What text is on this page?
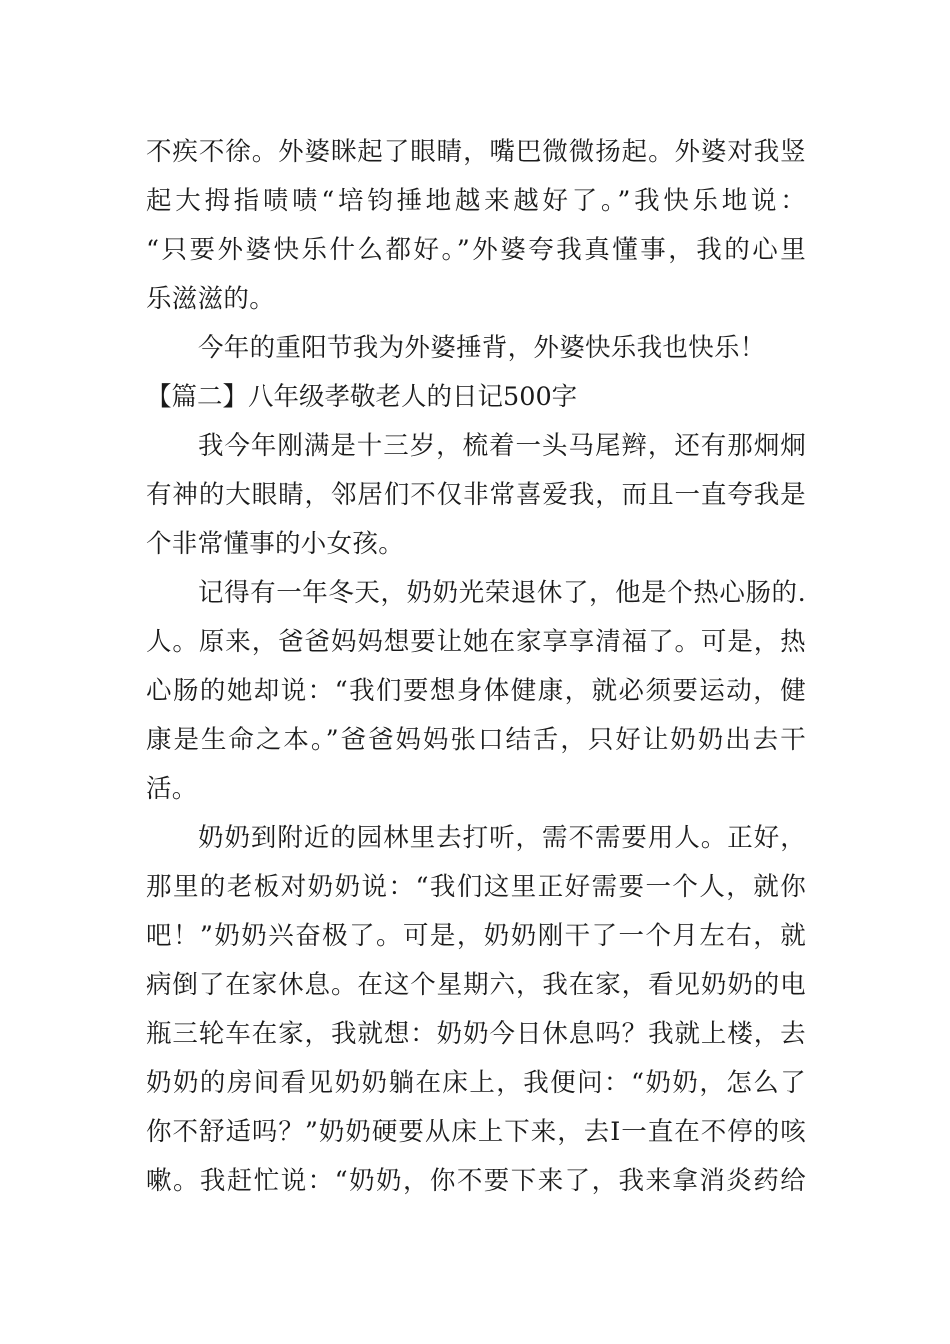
不疾不徐。外婆眯起了眼睛，嘴巴微微扬起。外婆对我竖

起大拇指啧啧“培钧捶地越来越好了。”我快乐地说：

“只要外婆快乐什么都好。”外婆夸我真懂事，我的心里

乐滋滋的。

今年的重阳节我为外婆捶背，外婆快乐我也快乐！

【篇二】八年级孝敬老人的日记500字

我今年刚满是十三岁，梳着一头马尾辫，还有那炯炯

有神的大眼睛，邻居们不仅非常喜爱我，而且一直夸我是

个非常懂事的小女孩。

记得有一年冬天，奶奶光荣退休了，他是个热心肠的.

人。原来，爸爸妈妈想要让她在家享享清福了。可是，热

心肠的她却说：“我们要想身体健康，就必须要运动，健

康是生命之本。”爸爸妈妈张口结舌，只好让奶奶出去干

活。

奶奶到附近的园林里去打听，需不需要用人。正好，

那里的老板对奶奶说：“我们这里正好需要一个人，就你

吧！”奶奶兴奋极了。可是，奶奶刚干了一个月左右，就

病倒了在家休息。在这个星期六，我在家，看见奶奶的电

瓶三轮车在家，我就想：奶奶今日休息吗？我就上楼，去

奶奶的房间看见奶奶躺在床上，我便问：“奶奶，怎么了

你不舒适吗？”奶奶硬要从床上下来，去I一直在不停的咳

嗽。我赶忙说：“奶奶，你不要下来了，我来拿消炎药给
